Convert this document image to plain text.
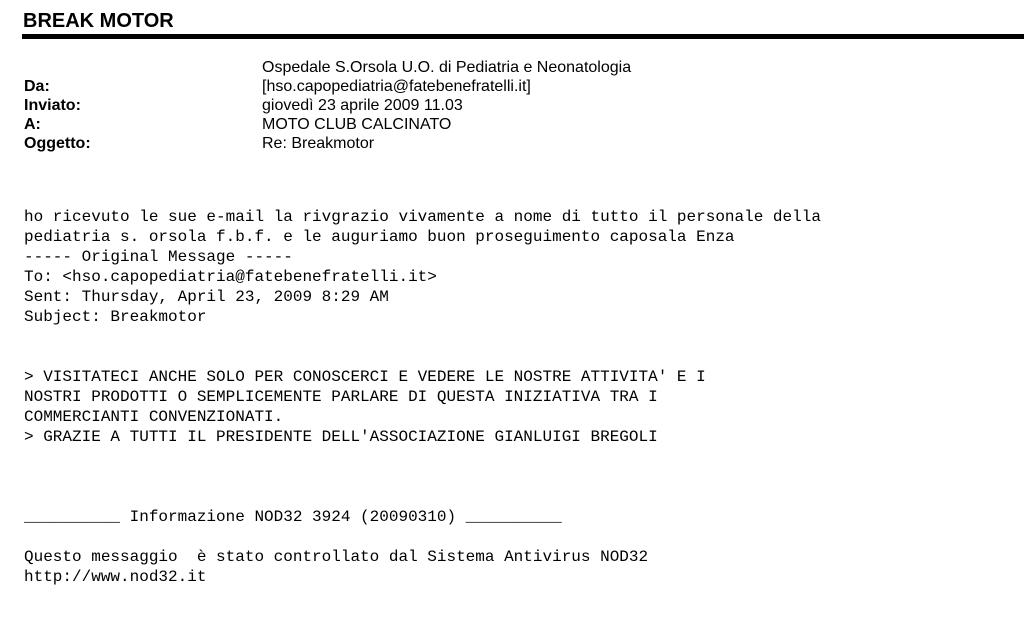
BREAK MOTOR
Da:
Ospedale S.Orsola U.O. di Pediatria e Neonatologia
[hso.capopediatria@fatebenefratelli.it]
Inviato:	giovedì 23 aprile 2009 11.03
A:	MOTO CLUB CALCINATO
Oggetto:	Re: Breakmotor
ho ricevuto le sue e-mail la rivgrazio vivamente a nome di tutto il personale della
pediatria s. orsola f.b.f. e le auguriamo buon proseguimento caposala Enza
----- Original Message -----
To: <hso.capopediatria@fatebenefratelli.it>
Sent: Thursday, April 23, 2009 8:29 AM
Subject: Breakmotor
> VISITATECI ANCHE SOLO PER CONOSCERCI E VEDERE LE NOSTRE ATTIVITA' E I
NOSTRI PRODOTTI O SEMPLICEMENTE PARLARE DI QUESTA INIZIATIVA TRA I
COMMERCIANTI CONVENZIONATI.
> GRAZIE A TUTTI IL PRESIDENTE DELL'ASSOCIAZIONE GIANLUIGI BREGOLI
__________ Informazione NOD32 3924 (20090310) __________
Questo messaggio  è stato controllato dal Sistema Antivirus NOD32
http://www.nod32.it
